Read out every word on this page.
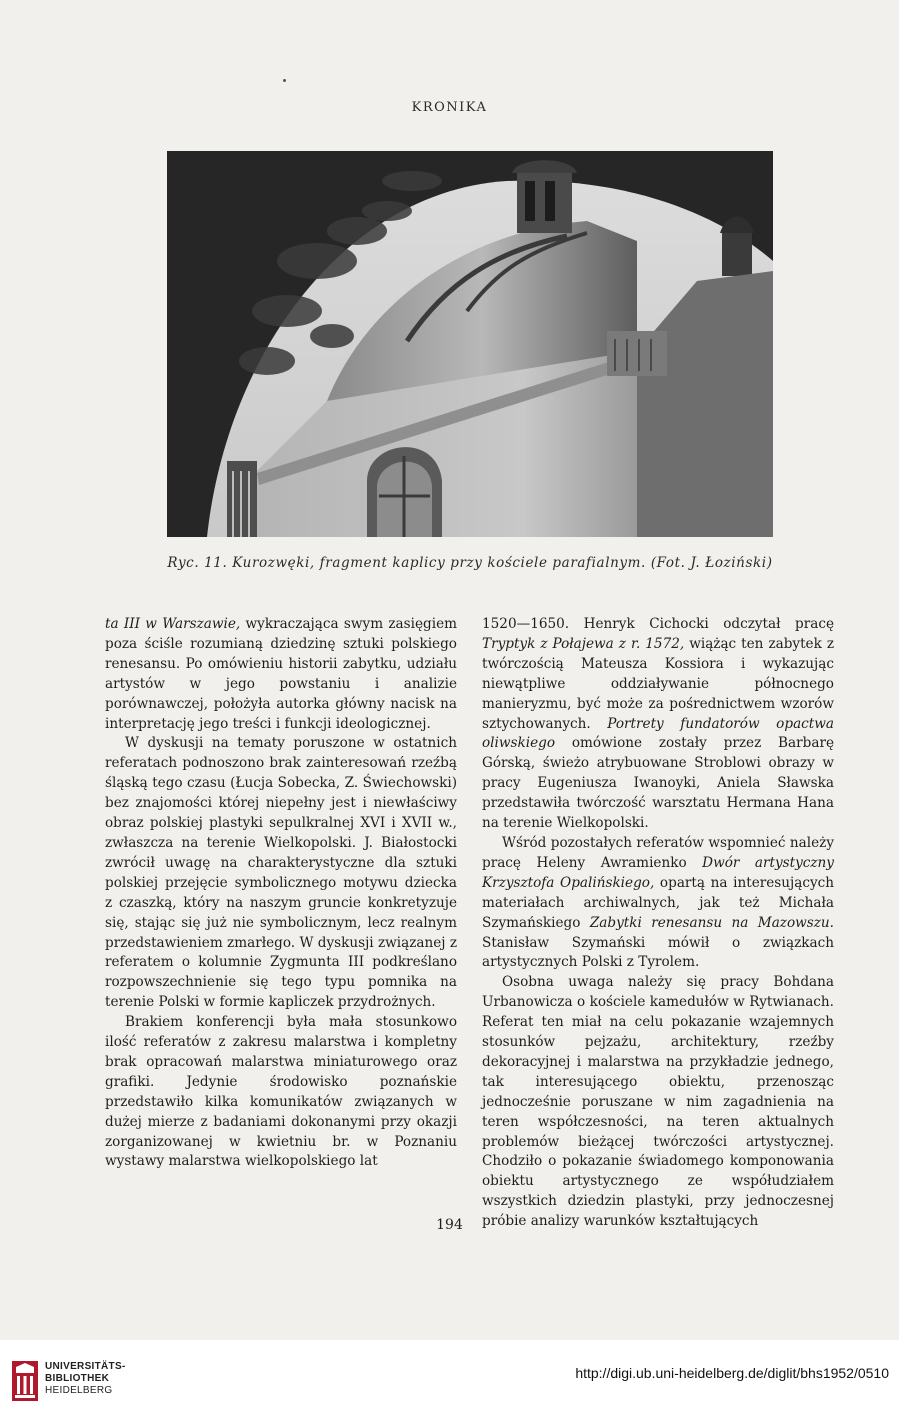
KRONIKA
Ryc. 11. Kurozwęki, fragment kaplicy przy kościele parafialnym. (Fot. J. Łoziński)

ta III w Warszawie, wykraczająca swym zasięgiem poza ściśle rozumianą dziedzinę sztuki polskiego renesansu. Po omówieniu historii zabytku, udziału artystów w jego powstaniu i analizie porównawczej, położyła autorka główny nacisk na interpretację jego treści i funkcji ideologicznej.

W dyskusji na tematy poruszone w ostatnich referatach podnoszono brak zainteresowań rzeźbą śląską tego czasu (Łucja Sobecka, Z. Świechowski) bez znajomości której niepełny jest i niewłaściwy obraz polskiej plastyki sepulkralnej XVI i XVII w., zwłaszcza na terenie Wielkopolski. J. Białostocki zwrócił uwagę na charakterystyczne dla sztuki polskiej przejęcie symbolicznego motywu dziecka z czaszką, który na naszym gruncie konkretyzuje się, stając się już nie symbolicznym, lecz realnym przedstawieniem zmarłego. W dyskusji związanej z referatem o kolumnie Zygmunta III podkreślano rozpowszechnienie się tego typu pomnika na terenie Polski w formie kapliczek przydrożnych.

Brakiem konferencji była mała stosunkowo ilość referatów z zakresu malarstwa i kompletny brak opracowań malarstwa miniaturowego oraz grafiki. Jedynie środowisko poznańskie przedstawiło kilka komunikatów związanych w dużej mierze z badaniami dokonanymi przy okazji zorganizowanej w kwietniu br. w Poznaniu wystawy malarstwa wielkopolskiego lat

1520—1650. Henryk Cichocki odczytał pracę Tryptyk z Połajewa z r. 1572, wiążąc ten zabytek z twórczością Mateusza Kossiora i wykazując niewątpliwe oddziaływanie północnego manieryzmu, być może za pośrednictwem wzorów sztychowanych. Portrety fundatorów opactwa oliwskiego omówione zostały przez Barbarę Górską, świeżo atrybuowane Stroblowi obrazy w pracy Eugeniusza Iwanoyki, Aniela Sławska przedstawiła twórczość warsztatu Hermana Hana na terenie Wielkopolski.

Wśród pozostałych referatów wspomnieć należy pracę Heleny Awramienko Dwór artystyczny Krzysztofa Opalińskiego, opartą na interesujących materiałach archiwalnych, jak też Michała Szymańskiego Zabytki renesansu na Mazowszu. Stanisław Szymański mówił o związkach artystycznych Polski z Tyrolem.

Osobna uwaga należy się pracy Bohdana Urbanowicza o kościele kamedułów w Rytwianach. Referat ten miał na celu pokazanie wzajemnych stosunków pejzażu, architektury, rzeźby dekoracyjnej i malarstwa na przykładzie jednego, tak interesującego obiektu, przenosząc jednocześnie poruszane w nim zagadnienia na teren współczesności, na teren aktualnych problemów bieżącej twórczości artystycznej. Chodziło o pokazanie świadomego komponowania obiektu artystycznego ze współudziałem wszystkich dziedzin plastyki, przy jednoczesnej próbie analizy warunków kształtujących

194
UNIVERSITÄTS-
BIBLIOTHEK
HEIDELBERG
http://digi.ub.uni-heidelberg.de/diglit/bhs1952/0510
